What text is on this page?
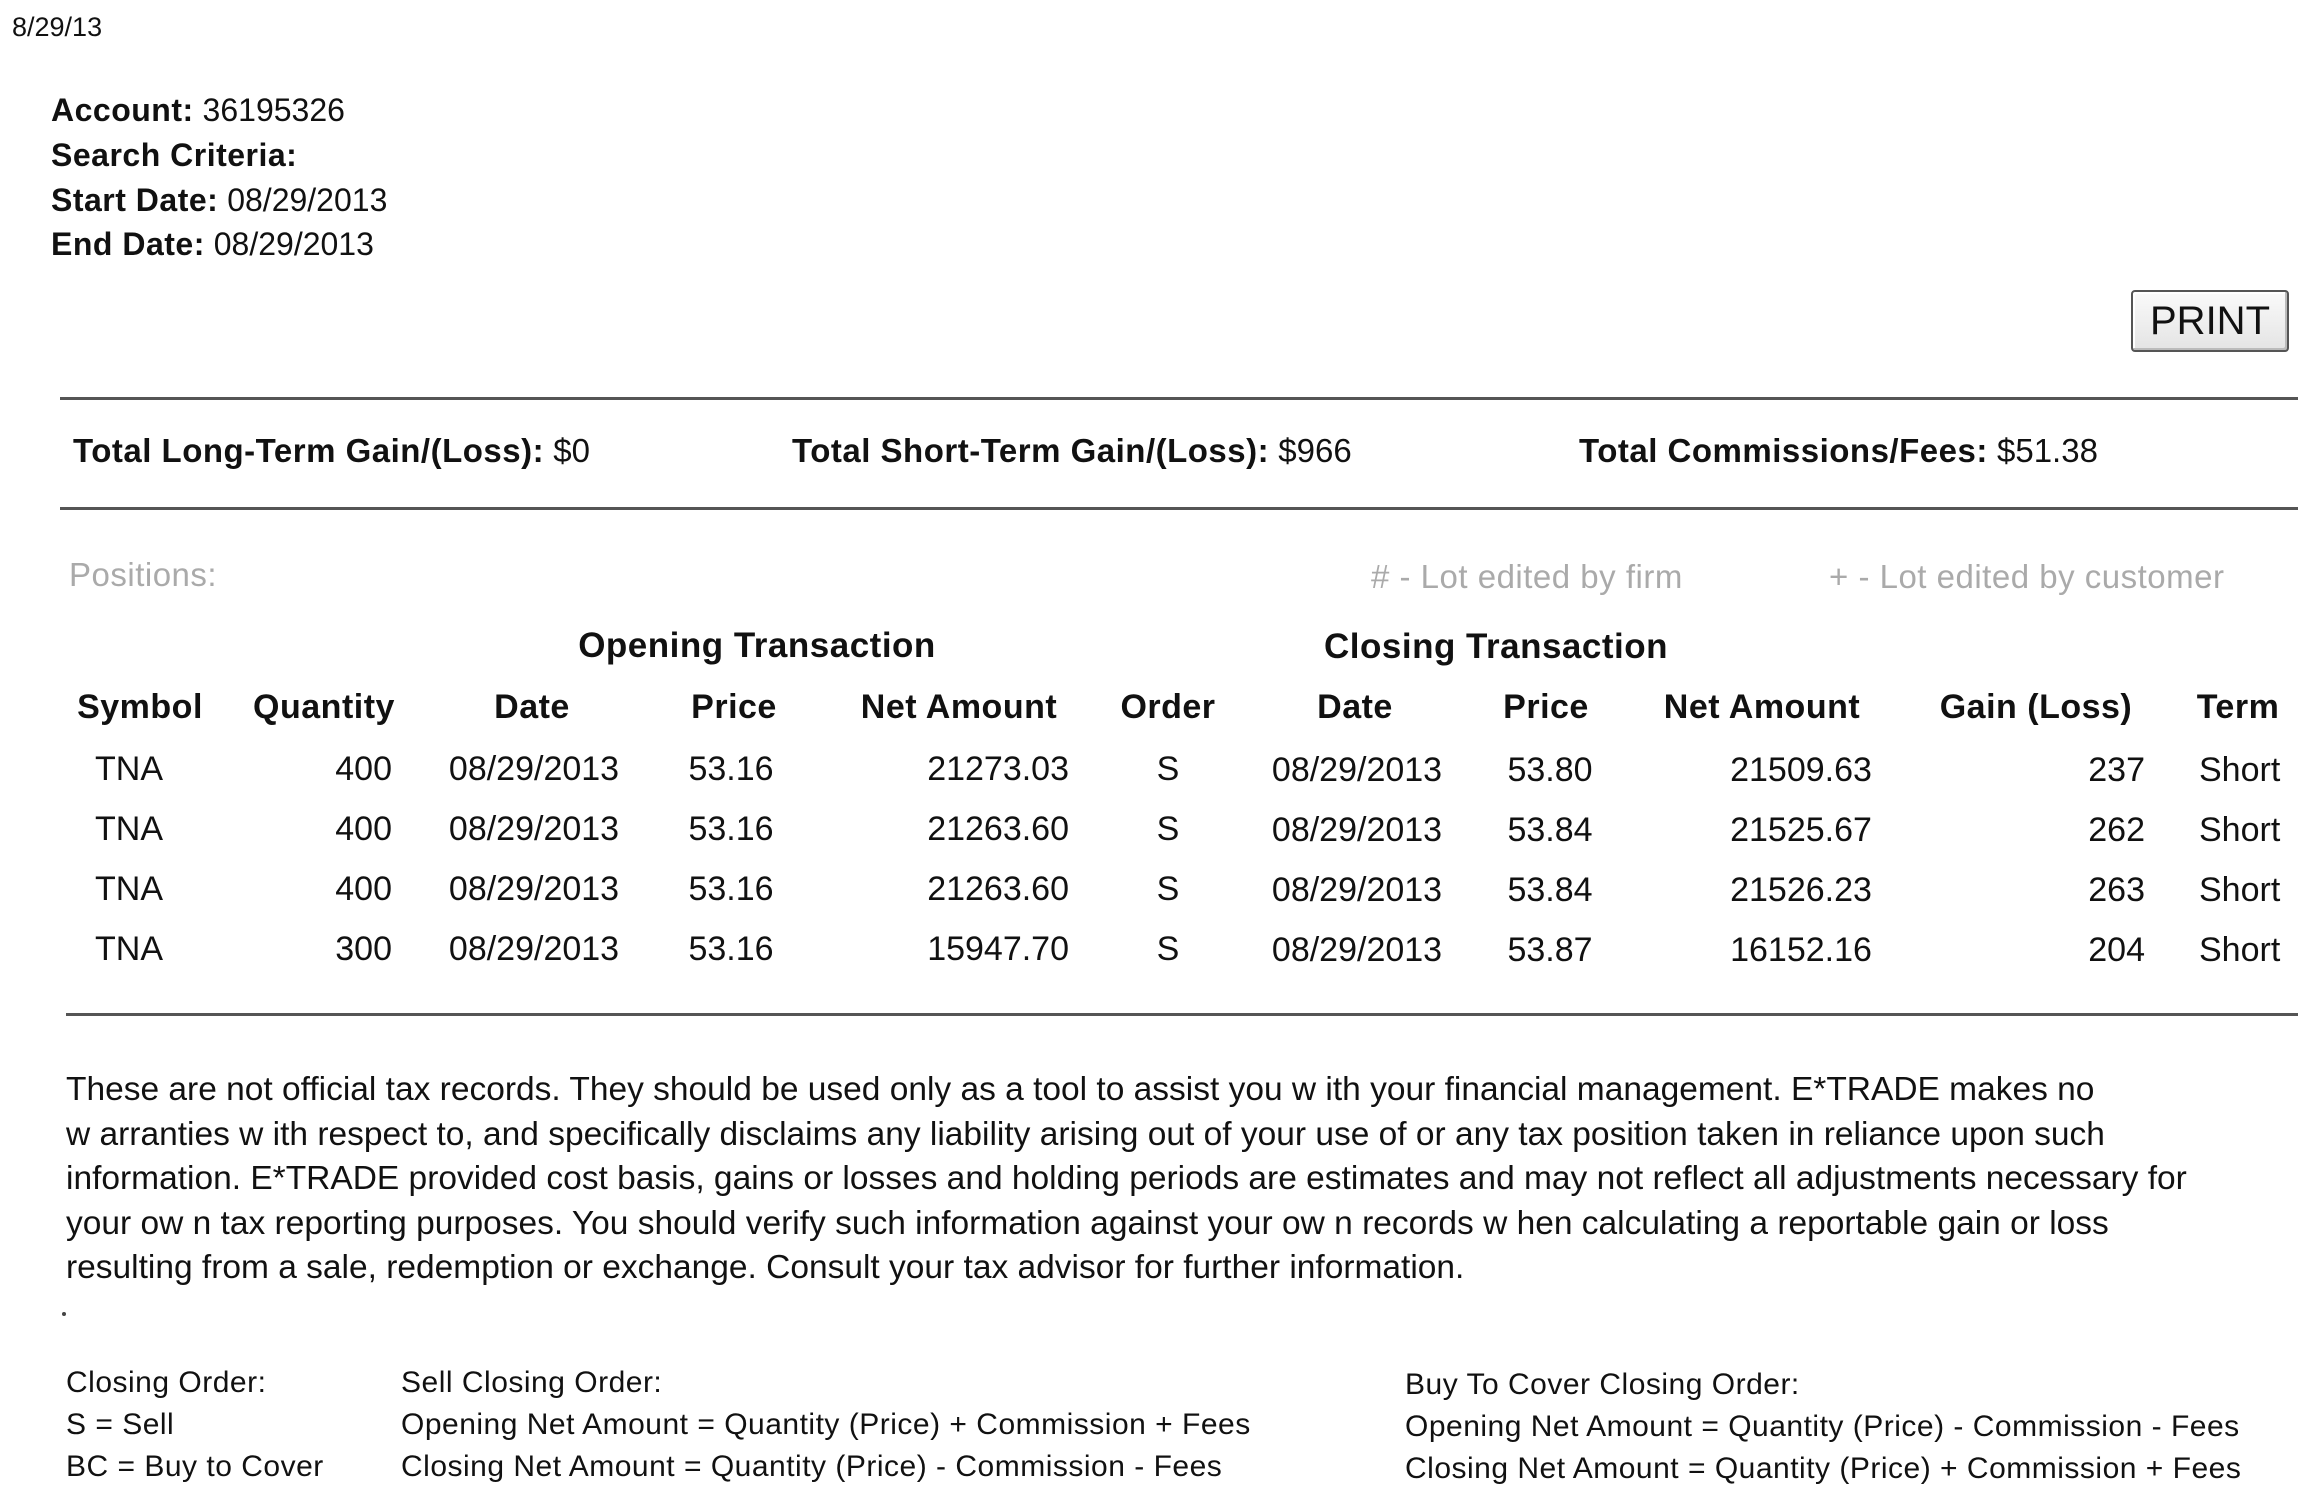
8/29/13
Account: 36195326
Search Criteria:
Start Date: 08/29/2013
End Date: 08/29/2013
PRINT
Total Long-Term Gain/(Loss): $0	Total Short-Term Gain/(Loss): $966	Total Commissions/Fees: $51.38
Positions:	# - Lot edited by firm	+ - Lot edited by customer
Opening Transaction	Closing Transaction
Symbol Quantity	Date	Price Net Amount Order	Date	Price Net Amount Gain (Loss) Term
TNA	400 08/29/2013 53.16	21273.03	S	08/29/2013 53.80	21509.63	237 Short
TNA	400 08/29/2013 53.16	21263.60	S	08/29/2013 53.84	21525.67	262 Short
TNA	400 08/29/2013 53.16	21263.60	S	08/29/2013 53.84	21526.23	263 Short
TNA	300 08/29/2013 53.16	15947.70	S	08/29/2013 53.87	16152.16	204 Short
These are not official tax records. They should be used only as a tool to assist you w ith your financial management. E*TRADE makes no
w arranties w ith respect to, and specifically disclaims any liability arising out of your use of or any tax position taken in reliance upon such
information. E*TRADE provided cost basis, gains or losses and holding periods are estimates and may not reflect all adjustments necessary for
your ow n tax reporting purposes. You should verify such information against your ow n records w hen calculating a reportable gain or loss
resulting from a sale, redemption or exchange. Consult your tax advisor for further information.
Closing Order:
S = Sell
BC = Buy to Cover
Sell Closing Order:
Opening Net Amount = Quantity (Price) + Commission + Fees
Closing Net Amount = Quantity (Price) - Commission - Fees
Buy To Cover Closing Order:
Opening Net Amount = Quantity (Price) - Commission - Fees
Closing Net Amount = Quantity (Price) + Commission + Fees
